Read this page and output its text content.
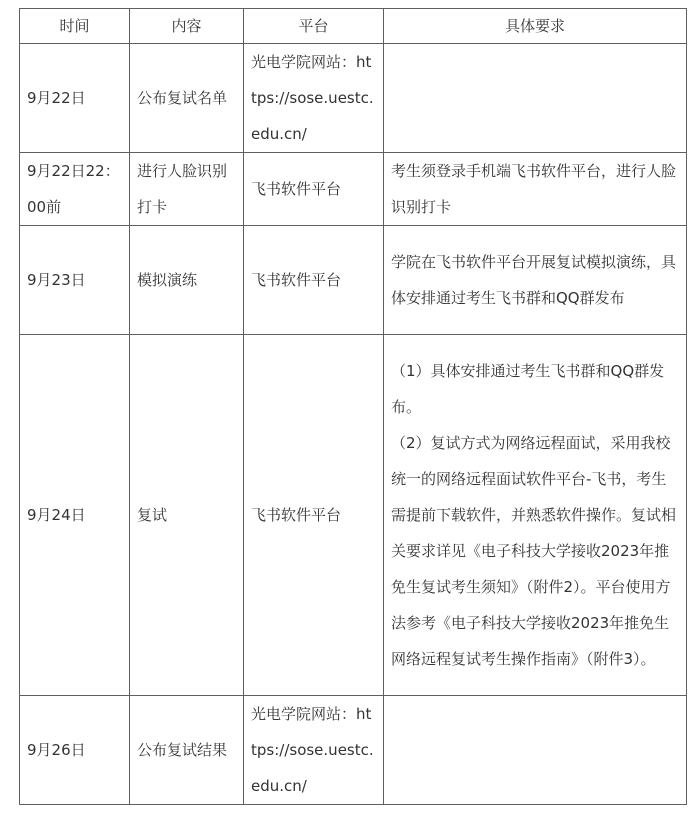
时间	内容	平台	具体要求
9月22日	公布复试名单	光电学院网站：https://sose.uestc.edu.cn/	
9月22日22：00前	进行人脸识别打卡	飞书软件平台	考生须登录手机端飞书软件平台，进行人脸识别打卡
9月23日	模拟演练	飞书软件平台	学院在飞书软件平台开展复试模拟演练，具体安排通过考生飞书群和QQ群发布
9月24日	复试	飞书软件平台	（1）具体安排通过考生飞书群和QQ群发布。
（2）复试方式为网络远程面试，采用我校统一的网络远程面试软件平台-飞书，考生需提前下载软件，并熟悉软件操作。复试相关要求详见《电子科技大学接收2023年推免生复试考生须知》（附件2）。平台使用方法参考《电子科技大学接收2023年推免生网络远程复试考生操作指南》（附件3）。

9月26日	公布复试结果	光电学院网站：https://sose.uestc.edu.cn/	
